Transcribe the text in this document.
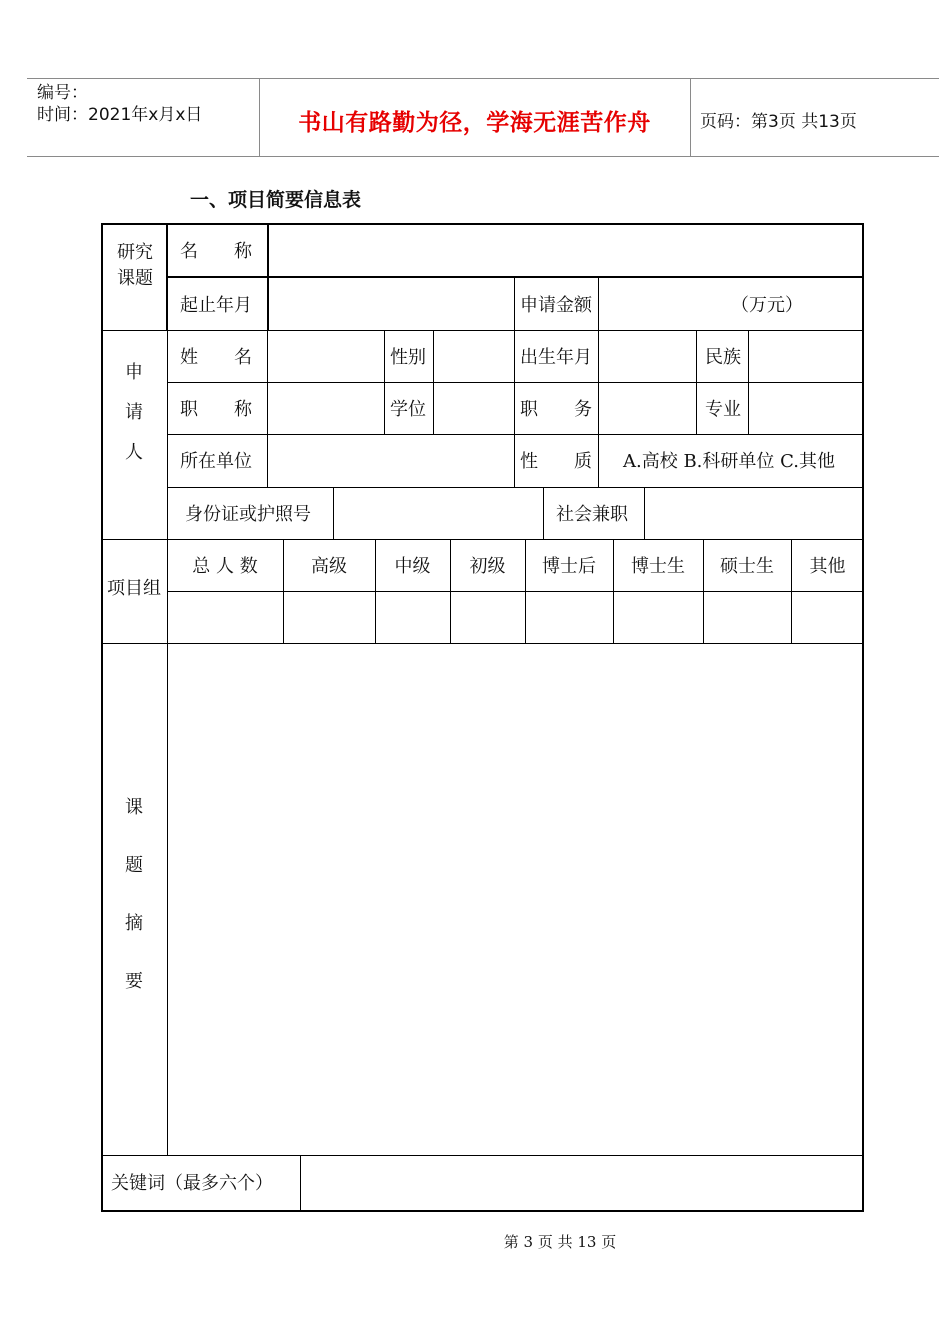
编号：
时间：2021年x月x日	书山有路勤为径，学海无涯苦作舟	页码：第3页 共13页
一、项目简要信息表
研究课题
名　　称
起止年月	申请金额	（万元）
申
请
人
姓　　名	性别	出生年月	民族
职　　称	学位	职　　务	专业
所在单位	性　　质 A.高校 B.科研单位 C.其他
身份证或护照号	社会兼职
项目组
总 人 数	高级	中级	初级	博士后	博士生	硕士生	其他
课
题
摘
要
关键词（最多六个）
第 3 页 共 13 页
